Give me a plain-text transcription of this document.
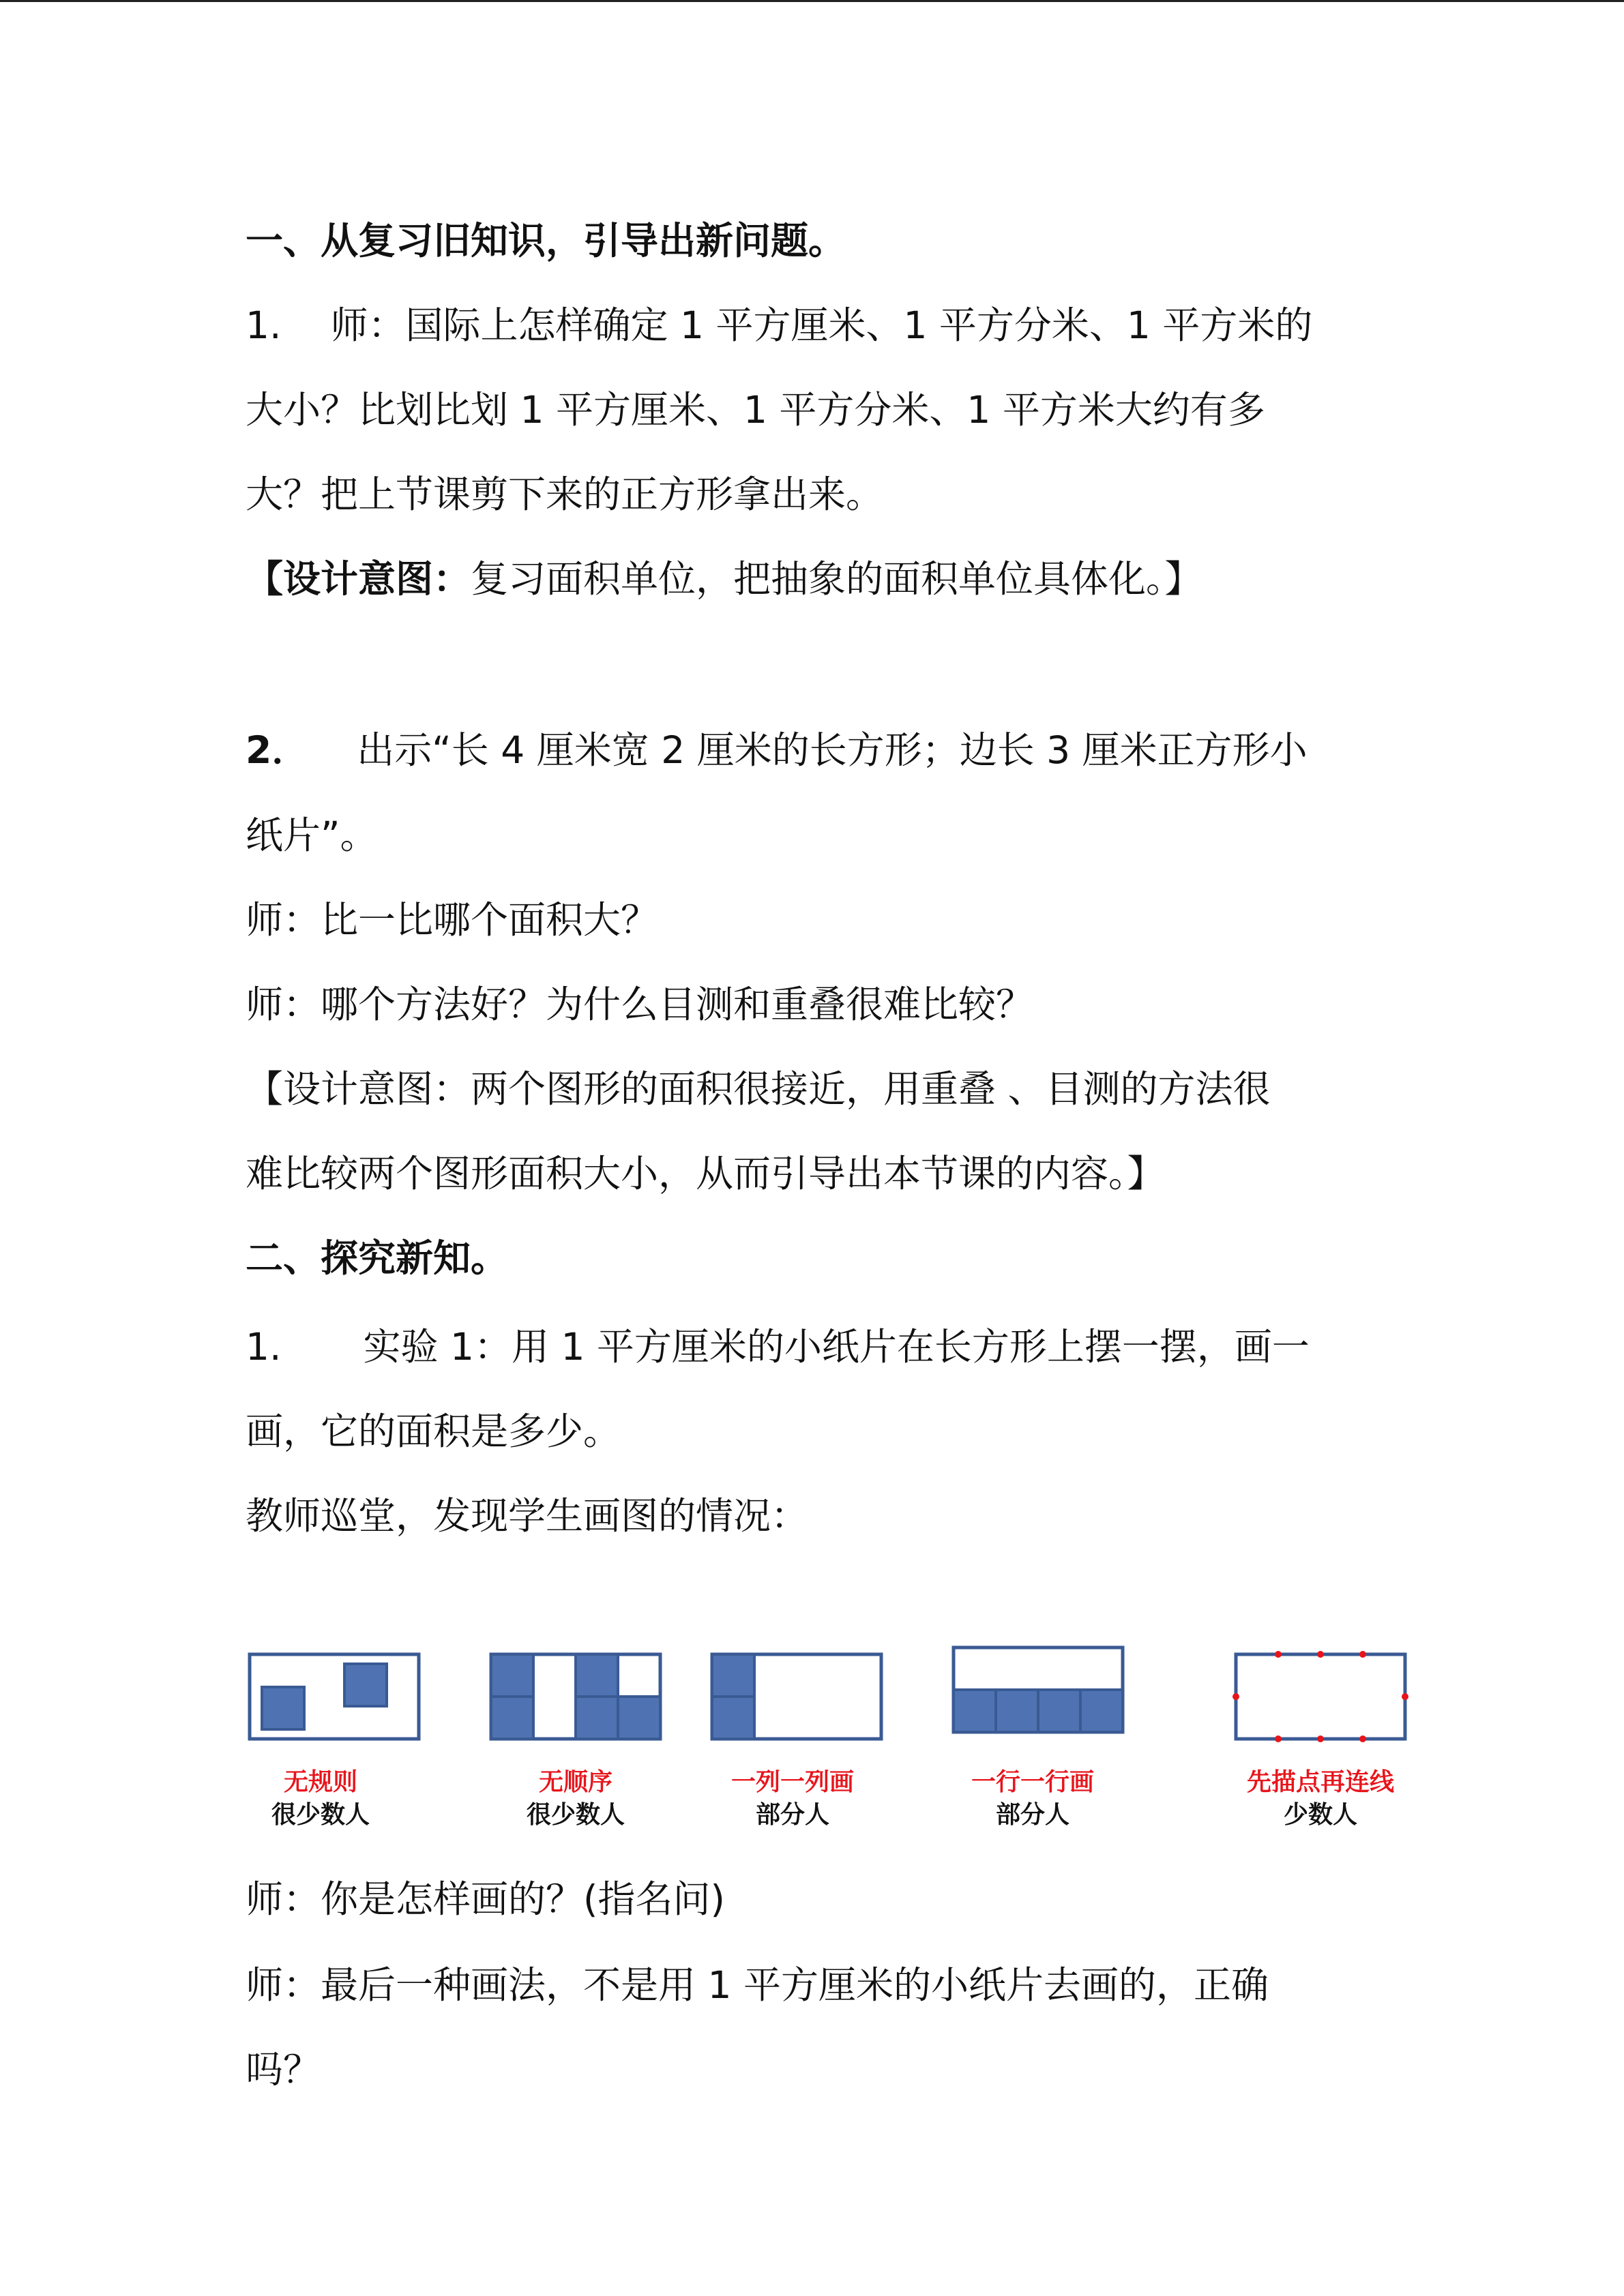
一、从复习旧知识，引导出新问题。

1. 师：国际上怎样确定 1 平方厘米、1 平方分米、1 平方米的

大小？比划比划 1 平方厘米、1 平方分米、1 平方米大约有多

大？把上节课剪下来的正方形拿出来。

【设计意图：复习面积单位，把抽象的面积单位具体化。】

2． 出示“长 4 厘米宽 2 厘米的长方形；边长 3 厘米正方形小

纸片”。

师：比一比哪个面积大？

师：哪个方法好？为什么目测和重叠很难比较？

【设计意图：两个图形的面积很接近，用重叠 、目测的方法很

难比较两个图形面积大小，从而引导出本节课的内容。】

二、探究新知。

1. 实验 1：用 1 平方厘米的小纸片在长方形上摆一摆，画一

画，它的面积是多少。

教师巡堂，发现学生画图的情况：

无规则
很少数人
无顺序
很少数人
一列一列画
部分人
一行一行画
部分人
先描点再连线
少数人

师：你是怎样画的？(指名问)

师：最后一种画法，不是用 1 平方厘米的小纸片去画的，正确

吗？
